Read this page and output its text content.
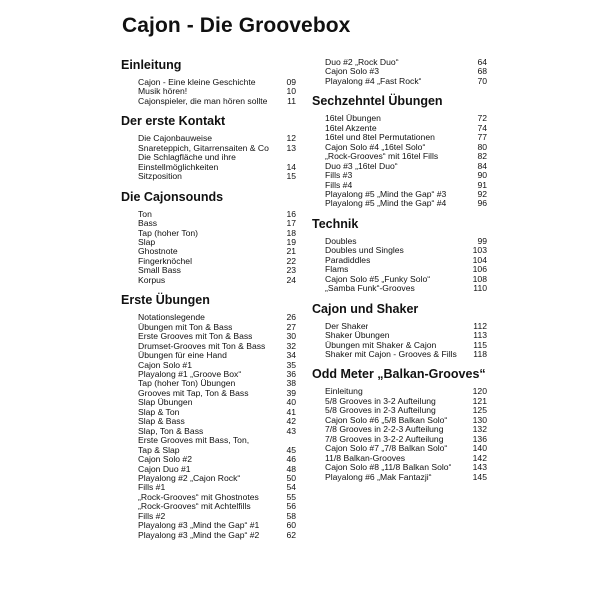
Cajon - Die Groovebox
Einleitung
Cajon - Eine kleine Geschichte	09
Musik hören!	10
Cajonspieler, die man hören sollte	11
Der erste Kontakt
Die Cajonbauweise	12
Snareteppich, Gitarrensaiten & Co	13
Die Schlagfläche und ihre
Einstellmöglichkeiten	14
Sitzposition	15
Die Cajonsounds
Ton	16
Bass	17
Tap (hoher Ton)	18
Slap	19
Ghostnote	21
Fingerknöchel	22
Small Bass	23
Korpus	24
Erste Übungen
Notationslegende	26
Übungen mit Ton & Bass	27
Erste Grooves mit Ton & Bass	30
Drumset-Grooves mit Ton & Bass	32
Übungen für eine Hand	34
Cajon Solo #1	35
Playalong #1 „Groove Box“	36
Tap (hoher Ton) Übungen	38
Grooves mit Tap, Ton & Bass	39
Slap Übungen	40
Slap & Ton	41
Slap & Bass	42
Slap, Ton & Bass	43
Erste Grooves mit Bass, Ton,
Tap & Slap	45
Cajon Solo #2	46
Cajon Duo #1	48
Playalong #2 „Cajon Rock“	50
Fills #1	54
„Rock-Grooves“ mit Ghostnotes	55
„Rock-Grooves“ mit Achtelfills	56
Fills #2	58
Playalong #3 „Mind the Gap“ #1	60
Playalong #3 „Mind the Gap“ #2	62
Duo #2 „Rock Duo“	64
Cajon Solo #3	68
Playalong #4 „Fast Rock“	70
Sechzehntel Übungen
16tel Übungen	72
16tel Akzente	74
16tel und 8tel Permutationen	77
Cajon Solo #4 „16tel Solo“	80
„Rock-Grooves“ mit 16tel Fills	82
Duo #3 „16tel Duo“	84
Fills #3	90
Fills #4	91
Playalong #5 „Mind the Gap“ #3	92
Playalong #5 „Mind the Gap“ #4	96
Technik
Doubles	99
Doubles und Singles	103
Paradiddles	104
Flams	106
Cajon Solo #5 „Funky Solo“	108
„Samba Funk“-Grooves	110
Cajon und Shaker
Der Shaker	112
Shaker Übungen	113
Übungen mit Shaker & Cajon	115
Shaker mit Cajon - Grooves & Fills	118
Odd Meter „Balkan-Grooves“
Einleitung	120
5/8 Grooves in 3-2 Aufteilung	121
5/8 Grooves in 2-3 Aufteilung	125
Cajon Solo #6 „5/8 Balkan Solo“	130
7/8 Grooves in 2-2-3 Aufteilung	132
7/8 Grooves in 3-2-2 Aufteilung	136
Cajon Solo #7 „7/8 Balkan Solo“	140
11/8 Balkan-Grooves	142
Cajon Solo #8 „11/8 Balkan Solo“	143
Playalong #6 „Mak Fantazji“	145
